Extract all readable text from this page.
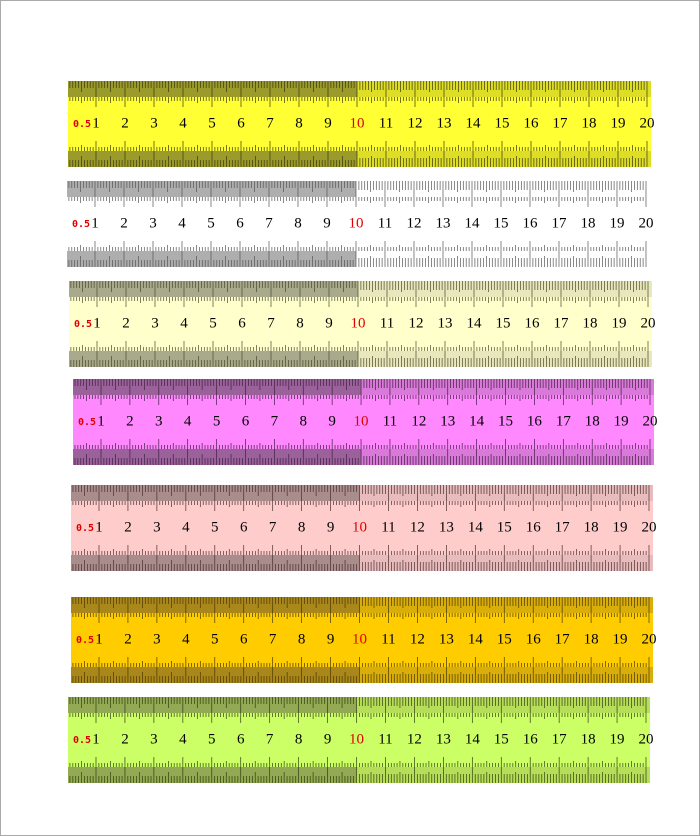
0.5 1 2 3 4 5 6 7 8 9 10 11 12 13 14 15 16 17 18 19 20
0.5 1 2 3 4 5 6 7 8 9 10 11 12 13 14 15 16 17 18 19 20
0.5 1 2 3 4 5 6 7 8 9 10 11 12 13 14 15 16 17 18 19 20
0.5 1 2 3 4 5 6 7 8 9 10 11 12 13 14 15 16 17 18 19 20
0.5 1 2 3 4 5 6 7 8 9 10 11 12 13 14 15 16 17 18 19 20
0.5 1 2 3 4 5 6 7 8 9 10 11 12 13 14 15 16 17 18 19 20
0.5 1 2 3 4 5 6 7 8 9 10 11 12 13 14 15 16 17 18 19 20
